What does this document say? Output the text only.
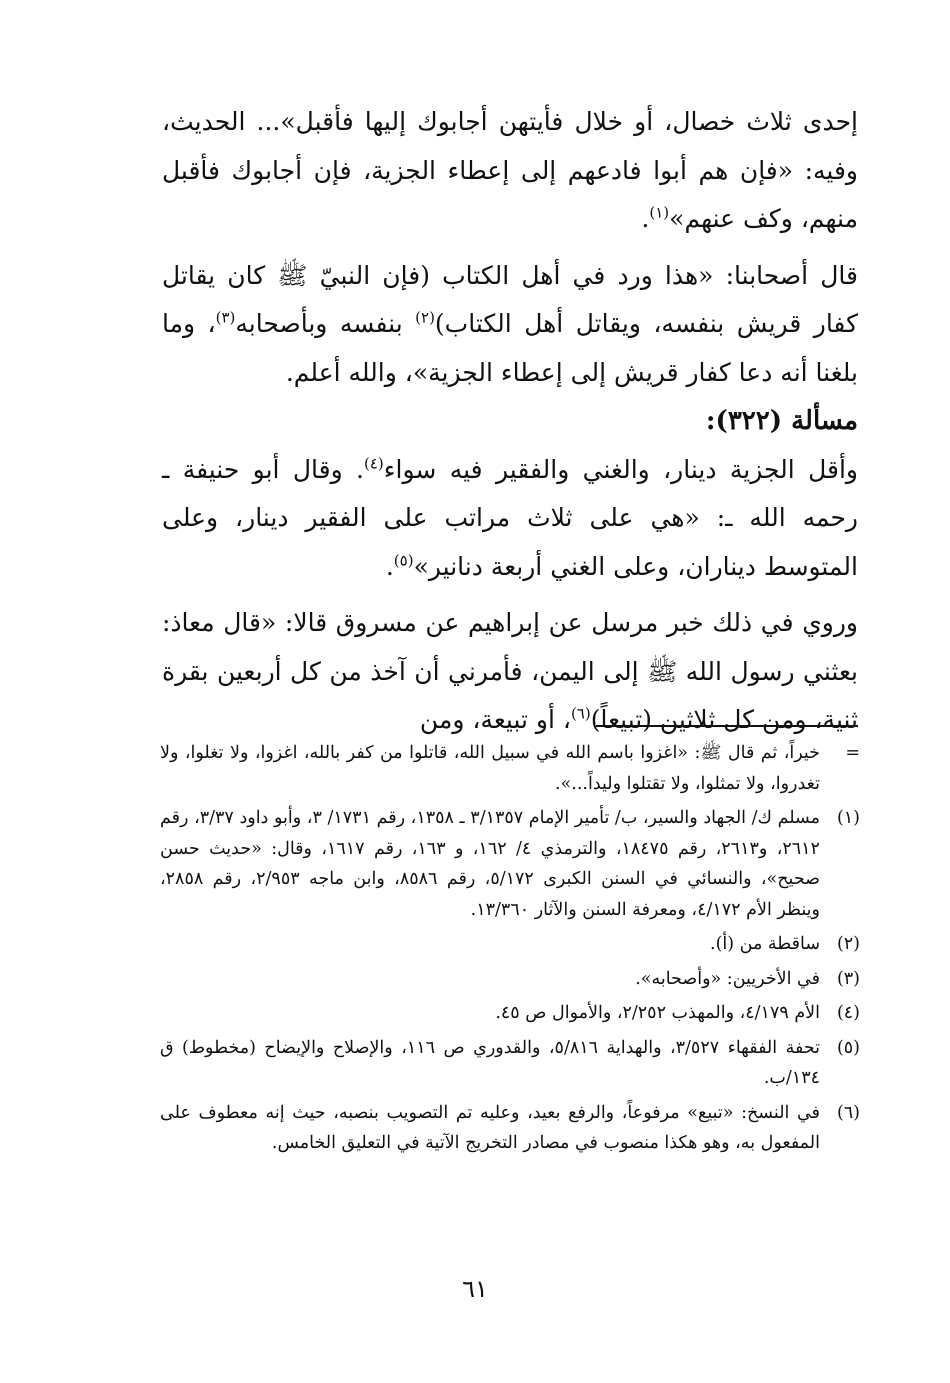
إحدى ثلاث خصال، أو خلال فأيتهن أجابوك إليها فأقبل»... الحديث، وفيه: «فإن هم أبوا فادعهم إلى إعطاء الجزية، فإن أجابوك فأقبل منهم، وكف عنهم»$^{(١)}$.

قال أصحابنا: «هذا ورد في أهل الكتاب (فإن النبيّ ﷺ كان يقاتل كفار قريش بنفسه، ويقاتل أهل الكتاب)$^{(٢)}$ بنفسه وبأصحابه$^{(٣)}$، وما بلغنا أنه دعا كفار قريش إلى إعطاء الجزية»، والله أعلم.

مسألة (٣٢٢):

وأقل الجزية دينار، والغني والفقير فيه سواء$^{(٤)}$. وقال أبو حنيفة ـ رحمه الله ـ: «هي على ثلاث مراتب على الفقير دينار، وعلى المتوسط ديناران، وعلى الغني أربعة دنانير»$^{(٥)}$.

وروي في ذلك خبر مرسل عن إبراهيم عن مسروق قالا: «قال معاذ: بعثني رسول الله ﷺ إلى اليمن، فأمرني أن آخذ من كل أربعين بقرة ثنية، ومن كل ثلاثين (تبيعاً)$^{(٦)}$، أو تبيعة، ومن

=
خيراً، ثم قال ﷺ: «اغزوا باسم الله في سبيل الله، قاتلوا من كفر بالله، اغزوا، ولا تغلوا، ولا تغدروا، ولا تمثلوا، ولا تقتلوا وليداً...».
(١)
مسلم ك/ الجهاد والسير، ب/ تأمير الإمام ٣/١٣٥٧ ـ ١٣٥٨، رقم ١٧٣١/ ٣، وأبو داود ٣/٣٧، رقم ٢٦١٢، و٢٦١٣، رقم ١٨٤٧٥، والترمذي ٤/ ١٦٢، و ١٦٣، رقم ١٦١٧، وقال: «حديث حسن صحيح»، والنسائي في السنن الكبرى ٥/١٧٢، رقم ٨٥٨٦، وابن ماجه ٢/٩٥٣، رقم ٢٨٥٨، وينظر الأم ٤/١٧٢، ومعرفة السنن والآثار ١٣/٣٦٠.
(٢)
ساقطة من (أ).
(٣)
في الأخريين: «وأصحابه».
(٤)
الأم ٤/١٧٩، والمهذب ٢/٢٥٢، والأموال ص ٤٥.
(٥)
تحفة الفقهاء ٣/٥٢٧، والهداية ٥/٨١٦، والقدوري ص ١١٦، والإصلاح والإيضاح (مخطوط) ق ١٣٤/ب.
(٦)
في النسخ: «تبيع» مرفوعاً، والرفع بعيد، وعليه تم التصويب بنصبه، حيث إنه معطوف على المفعول به، وهو هكذا منصوب في مصادر التخريج الآتية في التعليق الخامس.
٦١
